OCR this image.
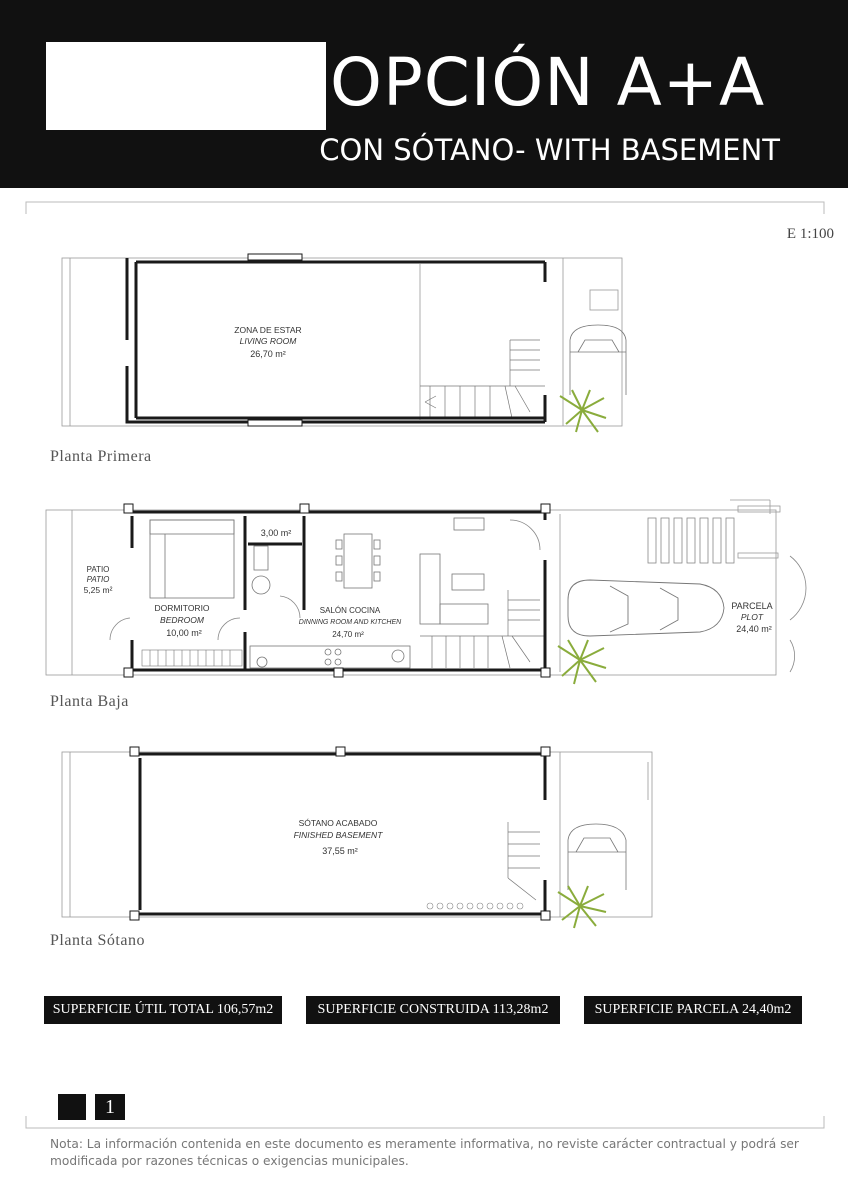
OPCIÓN A+A
CON SÓTANO- WITH BASEMENT
E 1:100
ZONA DE ESTAR
LIVING ROOM
26,70 m²
PATIO
PATIO
5,25 m²
DORMITORIO
BEDROOM
10,00 m²
3,00 m²
SALÓN COCINA
DINNING ROOM AND KITCHEN
24,70 m²
PARCELA
PLOT
24,40 m²
SÓTANO ACABADO
FINISHED BASEMENT
37,55 m²
Planta Primera
Planta Baja
Planta Sótano
SUPERFICIE ÚTIL TOTAL 106,57m2	SUPERFICIE CONSTRUIDA 113,28m2	SUPERFICIE PARCELA 24,40m2
1
Nota: La información contenida en este documento es meramente informativa, no reviste carácter contractual y podrá ser modificada por razones técnicas o exigencias municipales.
